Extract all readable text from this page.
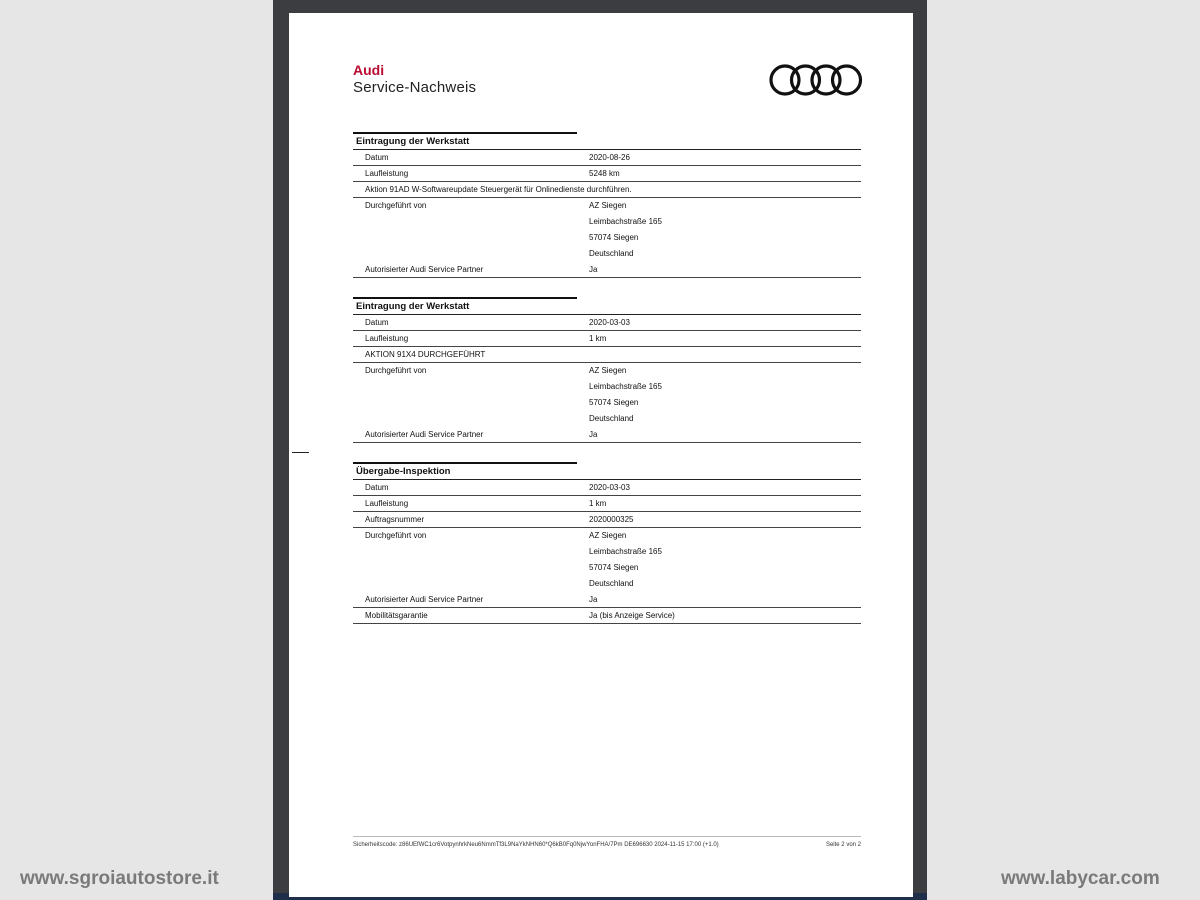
Audi
Service-Nachweis
Eintragung der Werkstatt
Datum	2020-08-26
Laufleistung	5248 km
Aktion 91AD W-Softwareupdate Steuergerät für Onlinedienste durchführen.
Durchgeführt von	AZ Siegen
Leimbachstraße 165
57074 Siegen
Deutschland
Autorisierter Audi Service Partner	Ja
Eintragung der Werkstatt
Datum	2020-03-03
Laufleistung	1 km
AKTION 91X4 DURCHGEFÜHRT
Durchgeführt von	AZ Siegen
Leimbachstraße 165
57074 Siegen
Deutschland
Autorisierter Audi Service Partner	Ja
Übergabe-Inspektion
Datum	2020-03-03
Laufleistung	1 km
Auftragsnummer	2020000325
Durchgeführt von	AZ Siegen
Leimbachstraße 165
57074 Siegen
Deutschland
Autorisierter Audi Service Partner	Ja
Mobilitätsgarantie	Ja (bis Anzeige Service)
Sicherheitscode: z86UEfWC1cr6VotpynhrkNeu6NmmTf3L9NaYkNHN60*Q6kB0Fq0NjwYonFHA/7Pm DE696630 2024-11-15 17:00 (+1.0)	Seite 2 von 2
www.sgroiautostore.it	www.labycar.com
